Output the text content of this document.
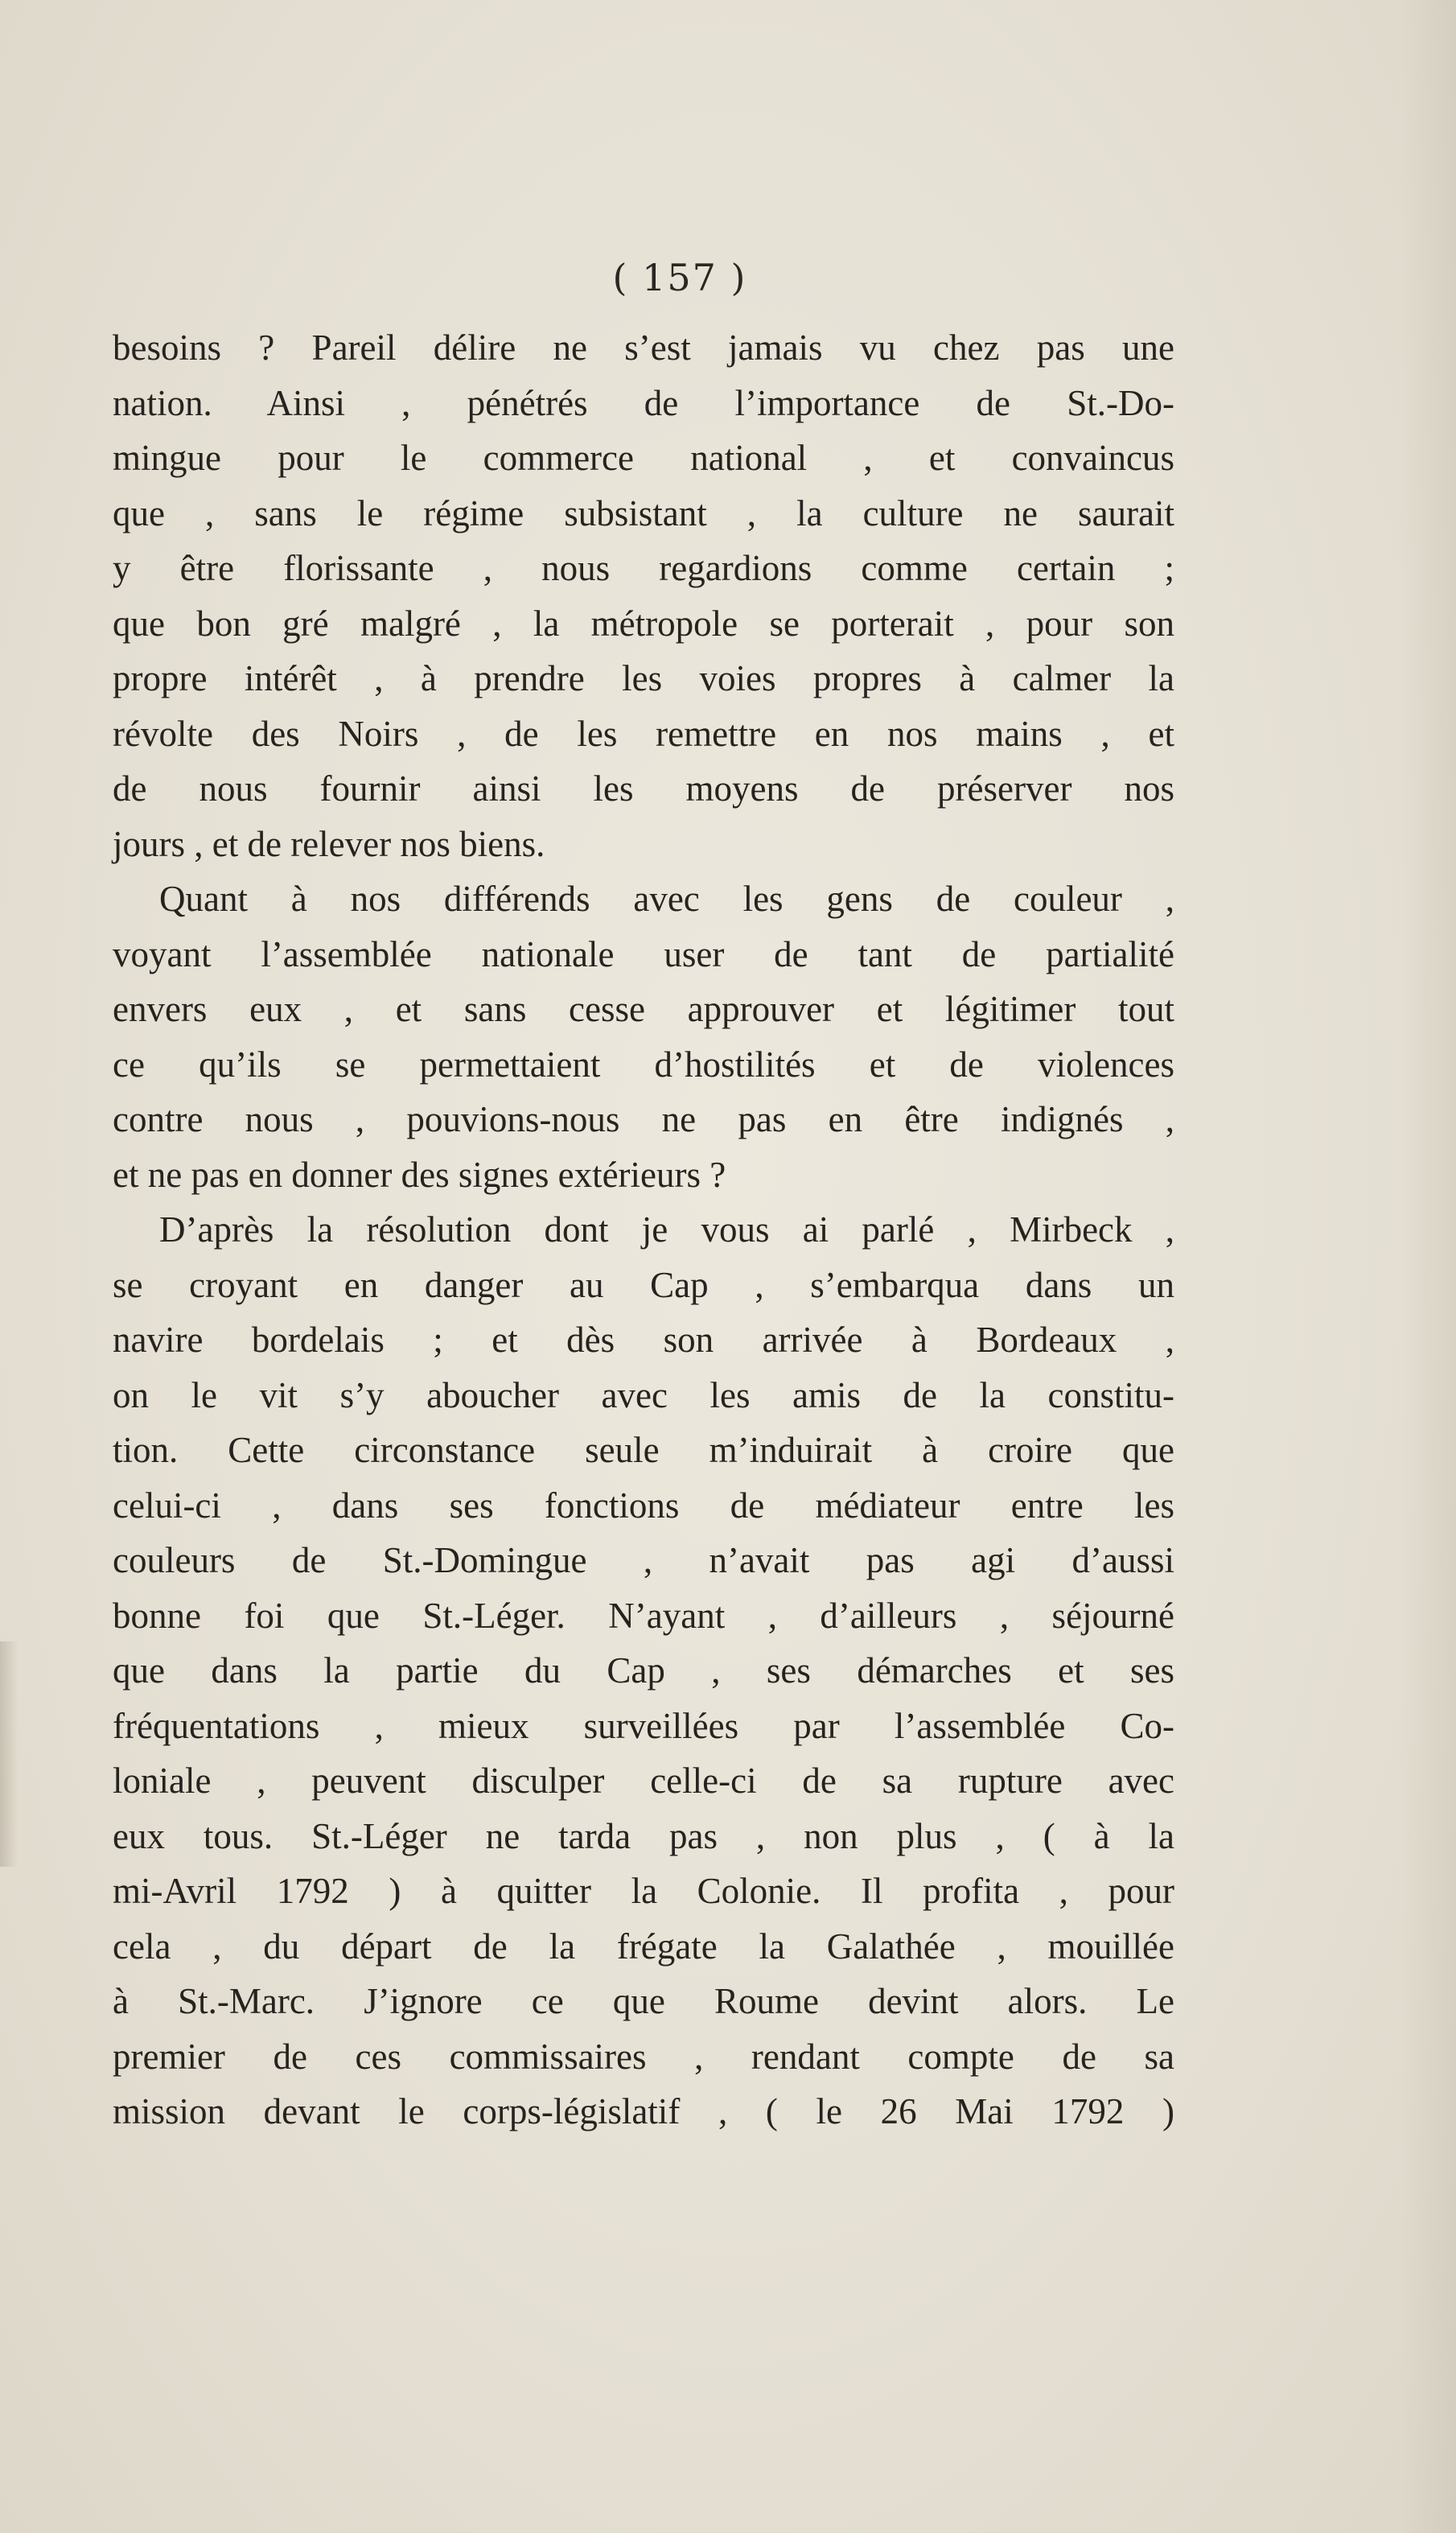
( 157 )
besoins ? Pareil délire ne s’est jamais vu chez pas une
nation. Ainsi , pénétrés de l’importance de St.-Do-
mingue pour le commerce national , et convaincus
que , sans le régime subsistant , la culture ne saurait
y être florissante , nous regardions comme certain ;
que bon gré malgré , la métropole se porterait , pour son
propre intérêt , à prendre les voies propres à calmer la
révolte des Noirs , de les remettre en nos mains , et
de nous fournir ainsi les moyens de préserver nos
jours , et de relever nos biens.
Quant à nos différends avec les gens de couleur ,
voyant l’assemblée nationale user de tant de partialité
envers eux , et sans cesse approuver et légitimer tout
ce qu’ils se permettaient d’hostilités et de violences
contre nous , pouvions-nous ne pas en être indignés ,
et ne pas en donner des signes extérieurs ?
D’après la résolution dont je vous ai parlé , Mirbeck ,
se croyant en danger au Cap , s’embarqua dans un
navire bordelais ; et dès son arrivée à Bordeaux ,
on le vit s’y aboucher avec les amis de la constitu-
tion. Cette circonstance seule m’induirait à croire que
celui-ci , dans ses fonctions de médiateur entre les
couleurs de St.-Domingue , n’avait pas agi d’aussi
bonne foi que St.-Léger. N’ayant , d’ailleurs , séjourné
que dans la partie du Cap , ses démarches et ses
fréquentations , mieux surveillées par l’assemblée Co-
loniale , peuvent disculper celle-ci de sa rupture avec
eux tous. St.-Léger ne tarda pas , non plus , ( à la
mi-Avril 1792 ) à quitter la Colonie. Il profita , pour
cela , du départ de la frégate la Galathée , mouillée
à St.-Marc. J’ignore ce que Roume devint alors. Le
premier de ces commissaires , rendant compte de sa
mission devant le corps-législatif , ( le 26 Mai 1792 )
